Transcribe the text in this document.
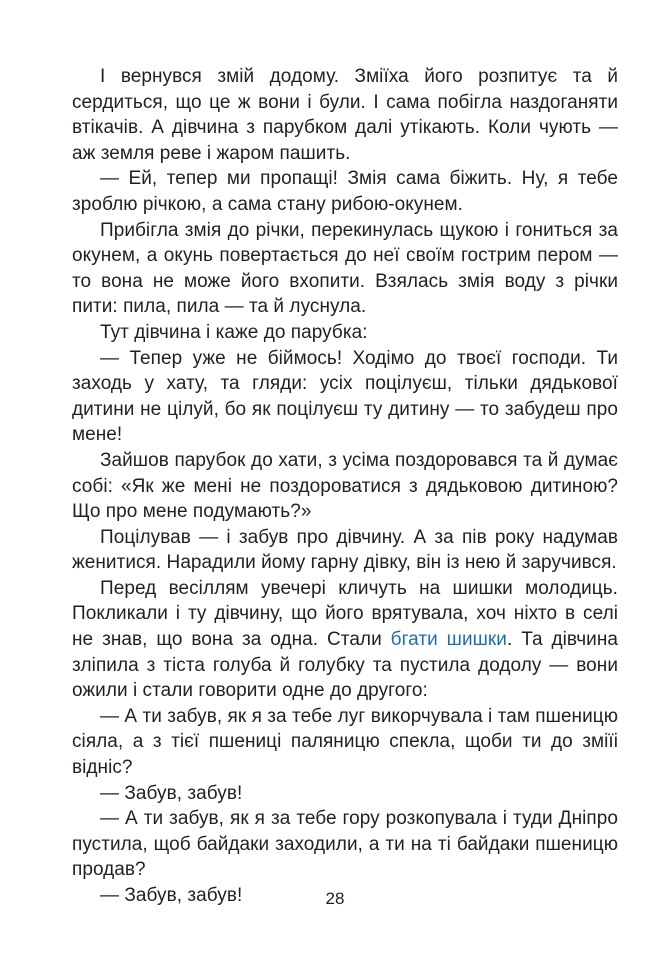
І вернувся змій додому. Зміїха його розпитує та й сердиться, що це ж вони і були. І сама побігла наздоганяти втікачів. А дівчина з парубком далі утікають. Коли чують — аж земля реве і жаром пашить.

— Ей, тепер ми пропащі! Змія сама біжить. Ну, я тебе зроблю річкою, а сама стану рибою-окунем.

Прибігла змія до річки, перекинулась щукою і гониться за окунем, а окунь повертається до неї своїм гострим пером — то вона не може його вхопити. Взялась змія воду з річки пити: пила, пила — та й луснула.

Тут дівчина і каже до парубка:

— Тепер уже не біймось! Ходімо до твоєї господи. Ти заходь у хату, та гляди: усіх поцілуєш, тільки дядькової дитини не цілуй, бо як поцілуєш ту дитину — то забудеш про мене!

Зайшов парубок до хати, з усіма поздоровався та й думає собі: «Як же мені не поздороватися з дядьковою дитиною? Що про мене подумають?»

Поцілував — і забув про дівчину. А за пів року надумав женитися. Нарадили йому гарну дівку, він із нею й заручився.

Перед весіллям увечері кличуть на шишки молодиць. Покликали і ту дівчину, що його врятувала, хоч ніхто в селі не знав, що вона за одна. Стали бгати шишки. Та дівчина зліпила з тіста голуба й голубку та пустила додолу — вони ожили і стали говорити одне до другого:

— А ти забув, як я за тебе луг викорчувала і там пшеницю сіяла, а з тієї пшениці паляницю спекла, щоби ти до зміїі відніс?

— Забув, забув!

— А ти забув, як я за тебе гору розкопувала і туди Дніпро пустила, щоб байдаки заходили, а ти на ті байдаки пшеницю продав?

— Забув, забув!	28
